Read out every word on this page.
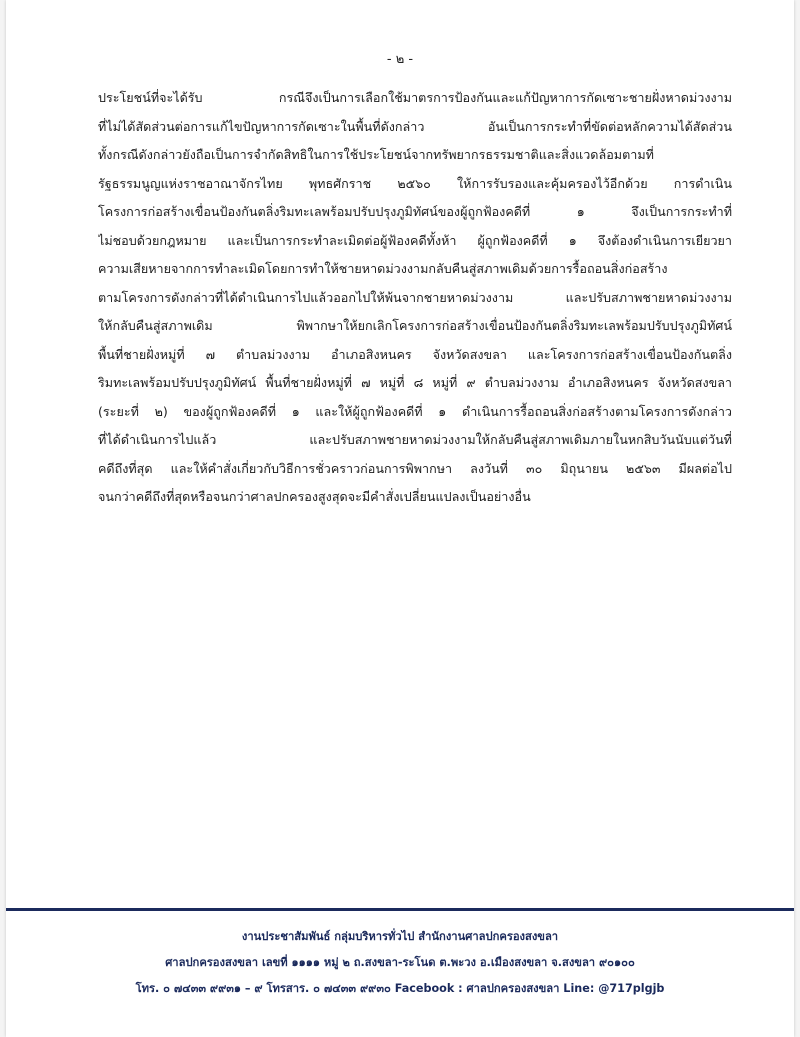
- ๒ -
ประโยชน์ที่จะได้รับ กรณีจึงเป็นการเลือกใช้มาตรการป้องกันและแก้ปัญหาการกัดเซาะชายฝั่งหาดม่วงงาม
ที่ไม่ได้สัดส่วนต่อการแก้ไขปัญหาการกัดเซาะในพื้นที่ดังกล่าว อันเป็นการกระทำที่ขัดต่อหลักความได้สัดส่วน
ทั้งกรณีดังกล่าวยังถือเป็นการจำกัดสิทธิในการใช้ประโยชน์จากทรัพยากรธรรมชาติและสิ่งแวดล้อมตามที่
รัฐธรรมนูญแห่งราชอาณาจักรไทย พุทธศักราช ๒๕๖๐ ให้การรับรองและคุ้มครองไว้อีกด้วย การดำเนิน
โครงการก่อสร้างเขื่อนป้องกันตลิ่งริมทะเลพร้อมปรับปรุงภูมิทัศน์ของผู้ถูกฟ้องคดีที่ ๑ จึงเป็นการกระทำที่
ไม่ชอบด้วยกฎหมาย และเป็นการกระทำละเมิดต่อผู้ฟ้องคดีทั้งห้า ผู้ถูกฟ้องคดีที่ ๑ จึงต้องดำเนินการเยียวยา
ความเสียหายจากการทำละเมิดโดยการทำให้ชายหาดม่วงงามกลับคืนสู่สภาพเดิมด้วยการรื้อถอนสิ่งก่อสร้าง
ตามโครงการดังกล่าวที่ได้ดำเนินการไปแล้วออกไปให้พ้นจากชายหาดม่วงงาม และปรับสภาพชายหาดม่วงงาม
ให้กลับคืนสู่สภาพเดิม พิพากษาให้ยกเลิกโครงการก่อสร้างเขื่อนป้องกันตลิ่งริมทะเลพร้อมปรับปรุงภูมิทัศน์
พื้นที่ชายฝั่งหมู่ที่ ๗ ตำบลม่วงงาม อำเภอสิงหนคร จังหวัดสงขลา และโครงการก่อสร้างเขื่อนป้องกันตลิ่ง
ริมทะเลพร้อมปรับปรุงภูมิทัศน์ พื้นที่ชายฝั่งหมู่ที่ ๗ หมู่ที่ ๘ หมู่ที่ ๙ ตำบลม่วงงาม อำเภอสิงหนคร จังหวัดสงขลา
(ระยะที่ ๒) ของผู้ถูกฟ้องคดีที่ ๑ และให้ผู้ถูกฟ้องคดีที่ ๑ ดำเนินการรื้อถอนสิ่งก่อสร้างตามโครงการดังกล่าว
ที่ได้ดำเนินการไปแล้ว และปรับสภาพชายหาดม่วงงามให้กลับคืนสู่สภาพเดิมภายในหกสิบวันนับแต่วันที่
คดีถึงที่สุด และให้คำสั่งเกี่ยวกับวิธีการชั่วคราวก่อนการพิพากษา ลงวันที่ ๓๐ มิถุนายน ๒๕๖๓ มีผลต่อไป
จนกว่าคดีถึงที่สุดหรือจนกว่าศาลปกครองสูงสุดจะมีคำสั่งเปลี่ยนแปลงเป็นอย่างอื่น
งานประชาสัมพันธ์ กลุ่มบริหารทั่วไป สำนักงานศาลปกครองสงขลา
ศาลปกครองสงขลา เลขที่ ๑๑๑๑ หมู่ ๒ ถ.สงขลา-ระโนด ต.พะวง อ.เมืองสงขลา จ.สงขลา ๙๐๑๐๐
โทร. ๐ ๗๔๓๓ ๙๙๓๑ – ๙ โทรสาร. ๐ ๗๔๓๓ ๙๙๓๐ Facebook : ศาลปกครองสงขลา Line: @717plgjb
